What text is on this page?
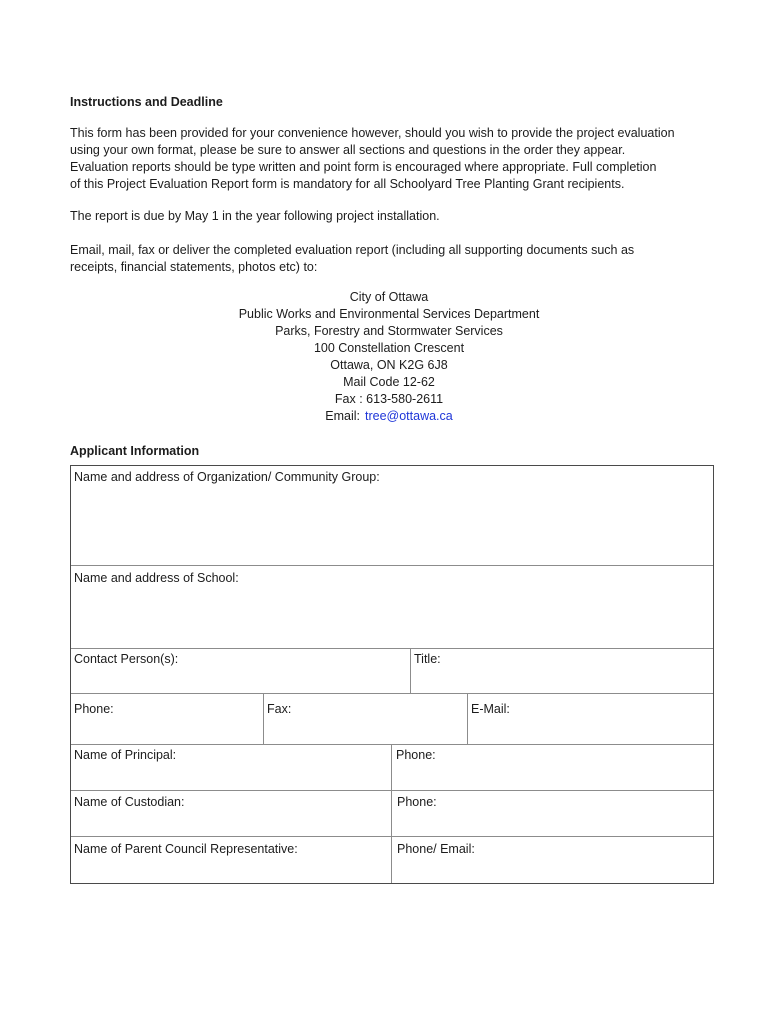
Instructions and Deadline
This form has been provided for your convenience however, should you wish to provide the project evaluation
using your own format, please be sure to answer all sections and questions in the order they appear.
Evaluation reports should be type written and point form is encouraged where appropriate. Full completion
of this Project Evaluation Report form is mandatory for all Schoolyard Tree Planting Grant recipients.
The report is due by May 1 in the year following project installation.
Email, mail, fax or deliver the completed evaluation report (including all supporting documents such as
receipts, financial statements, photos etc) to:
City of Ottawa
Public Works and Environmental Services Department
Parks, Forestry and Stormwater Services
100 Constellation Crescent
Ottawa, ON K2G 6J8
Mail Code 12-62
Fax : 613-580-2611
Email: tree@ottawa.ca
Applicant Information
Name and address of Organization/ Community Group:
Name and address of School:
Contact Person(s):	Title:
Phone:	Fax:	E-Mail:
Name of Principal:	Phone:
Name of Custodian:	Phone:
Name of Parent Council Representative:	Phone/ Email:
